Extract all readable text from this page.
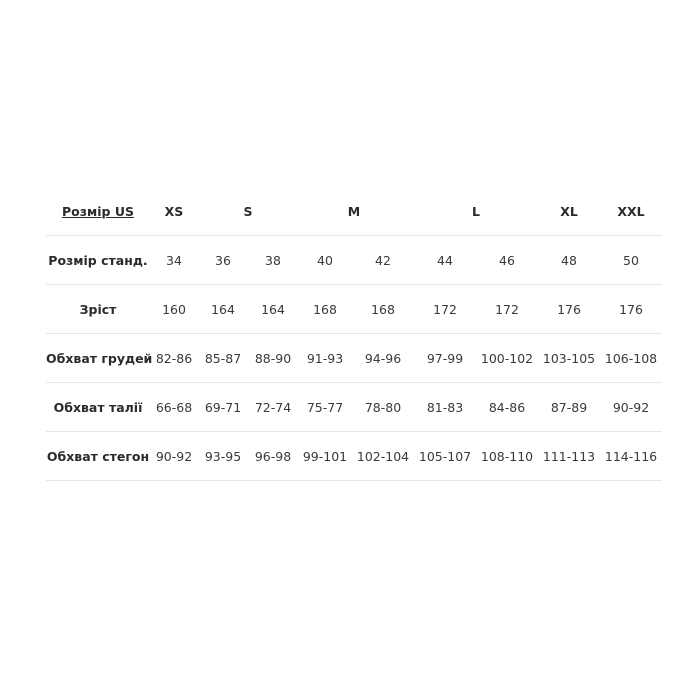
Розмір US	XS	S		M		L		XL	XXL
Розмір станд.	34	36	38	40	42	44	46	48	50
Зріст	160	164	164	168	168	172	172	176	176
Обхват грудей	82-86	85-87	88-90	91-93	94-96	97-99	100-102	103-105	106-108
Обхват талії	66-68	69-71	72-74	75-77	78-80	81-83	84-86	87-89	90-92
Обхват стегон	90-92	93-95	96-98	99-101	102-104	105-107	108-110	111-113	114-116
